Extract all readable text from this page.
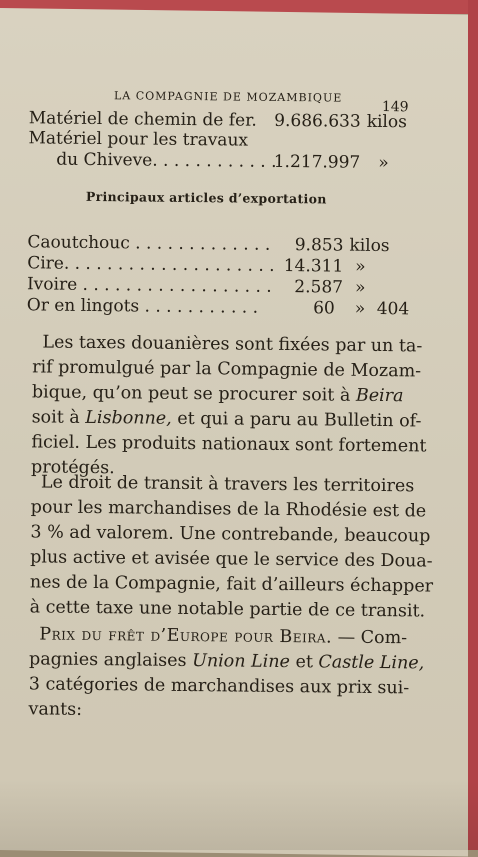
LA COMPAGNIE DE MOZAMBIQUE
149
Matériel de chemin de fer.	9.686.633 kilos
Matériel pour les travaux
du Chiveve. . . . . . . . . . . .
1.217.997 »
Principaux articles d’exportation
Caoutchouc . . . . . . . . . . . . .	9.853 kilos
Cire. . . . . . . . . . . . . . . . . . . . 14.311 »
Ivoire . . . . . . . . . . . . . . . . . .	2.587 »
Or en lingots . . . . . . . . . . .	60 » 404
Les taxes douanières sont fixées par un ta-
rif promulgué par la Compagnie de Mozam-
bique, qu’on peut se procurer soit à Beira
soit à Lisbonne, et qui a paru au Bulletin of-
ficiel. Les produits nationaux sont fortement
protégés.
Le droit de transit à travers les territoires
pour les marchandises de la Rhodésie est de
3 % ad valorem. Une contrebande, beaucoup
plus active et avisée que le service des Doua-
nes de la Compagnie, fait d’ailleurs échapper
à cette taxe une notable partie de ce transit.
Prix du frêt d’Europe pour Beira. — Com-
pagnies anglaises Union Line et Castle Line,
3 catégories de marchandises aux prix sui-
vants:
